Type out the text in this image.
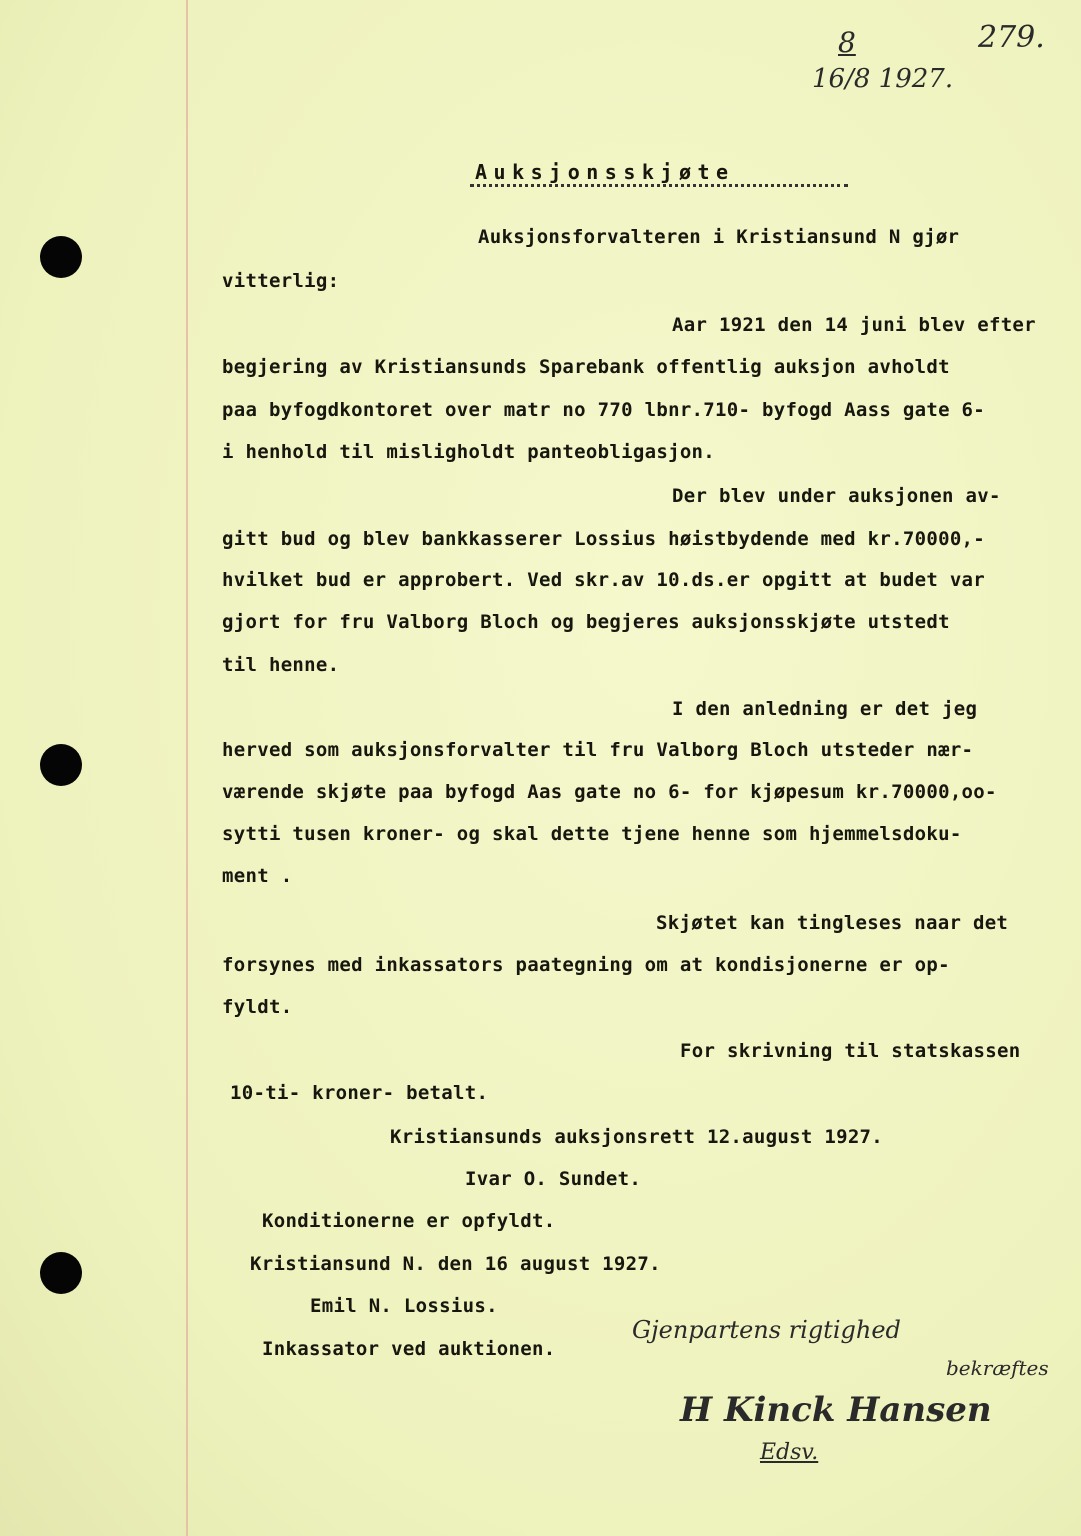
8
16/8 1927.
279.
Auksjonsskjøte
Auksjonsforvalteren i Kristiansund N gjør
vitterlig:
Aar 1921 den 14 juni blev efter
begjering av Kristiansunds Sparebank offentlig auksjon avholdt
paa byfogdkontoret over matr no 770 lbnr.710- byfogd Aass gate 6-
i henhold til misligholdt panteobligasjon.
Der blev under auksjonen av-
gitt bud og blev bankkasserer Lossius høistbydende med kr.70000,-
hvilket bud er approbert. Ved skr.av 10.ds.er opgitt at budet var
gjort for fru Valborg Bloch og begjeres auksjonsskjøte utstedt
til henne.
I den anledning er det jeg
herved som auksjonsforvalter til fru Valborg Bloch utsteder nær-
værende skjøte paa byfogd Aas gate no 6- for kjøpesum kr.70000,oo-
sytti tusen kroner- og skal dette tjene henne som hjemmelsdoku-
ment .
Skjøtet kan tingleses naar det
forsynes med inkassators paategning om at kondisjonerne er op-
fyldt.
For skrivning til statskassen
10-ti- kroner- betalt.
Kristiansunds auksjonsrett 12.august 1927.
Ivar O. Sundet.
Konditionerne er opfyldt.
Kristiansund N. den 16 august 1927.
Emil N. Lossius.
Inkassator ved auktionen.
Gjenpartens rigtighed
bekræftes
H Kinck Hansen
Edsv.
